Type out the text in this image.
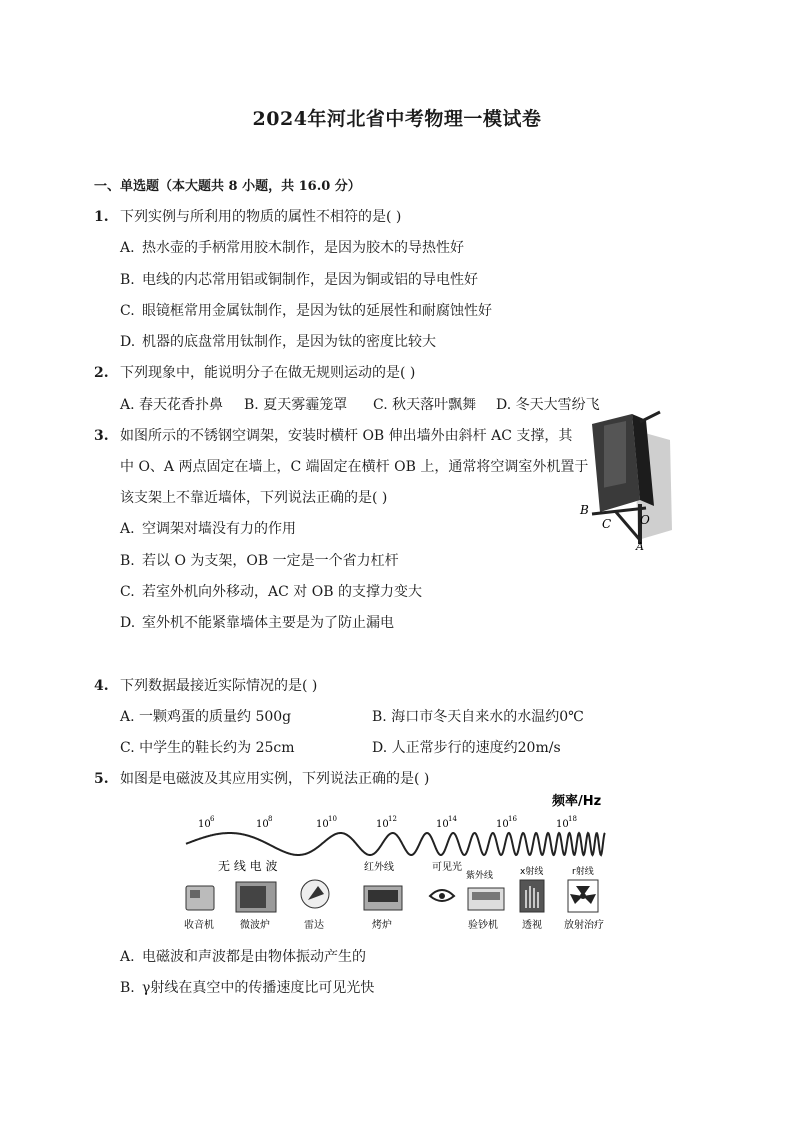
2024年河北省中考物理一模试卷
一、单选题（本大题共 8 小题，共 16.0 分）
1. 下列实例与所利用的物质的属性不相符的是( )
A. 热水壶的手柄常用胶木制作，是因为胶木的导热性好
B. 电线的内芯常用铝或铜制作，是因为铜或铝的导电性好
C. 眼镜框常用金属钛制作，是因为钛的延展性和耐腐蚀性好
D. 机器的底盘常用钛制作，是因为钛的密度比较大
2. 下列现象中，能说明分子在做无规则运动的是( )
A. 春天花香扑鼻 B. 夏天雾霾笼罩 C. 秋天落叶飘舞 D. 冬天大雪纷飞
3. 如图所示的不锈钢空调架，安装时横杆 OB 伸出墙外由斜杆 AC 支撑，其
中 O、A 两点固定在墙上，C 端固定在横杆 OB 上，通常将空调室外机置于
该支架上不靠近墙体，下列说法正确的是( )
A. 空调架对墙没有力的作用
B. 若以 O 为支架，OB 一定是一个省力杠杆
C. 若室外机向外移动，AC 对 OB 的支撑力变大
D. 室外机不能紧靠墙体主要是为了防止漏电
B
C O
A
4. 下列数据最接近实际情况的是( )
A. 一颗鸡蛋的质量约 500g	B. 海口市冬天自来水的水温约0℃
C. 中学生的鞋长约为 25cm	D. 人正常步行的速度约20m/s
5. 如图是电磁波及其应用实例，下列说法正确的是( )
频率/Hz
10 6	10 8	10 10	10 12	10 14	10 16	10 18
无 线 电 波	红外线	可见光
紫外线	x射线	r射线
收音机	微波炉	雷达	烤炉	验钞机 透视 放射治疗
A. 电磁波和声波都是由物体振动产生的
B. γ射线在真空中的传播速度比可见光快
